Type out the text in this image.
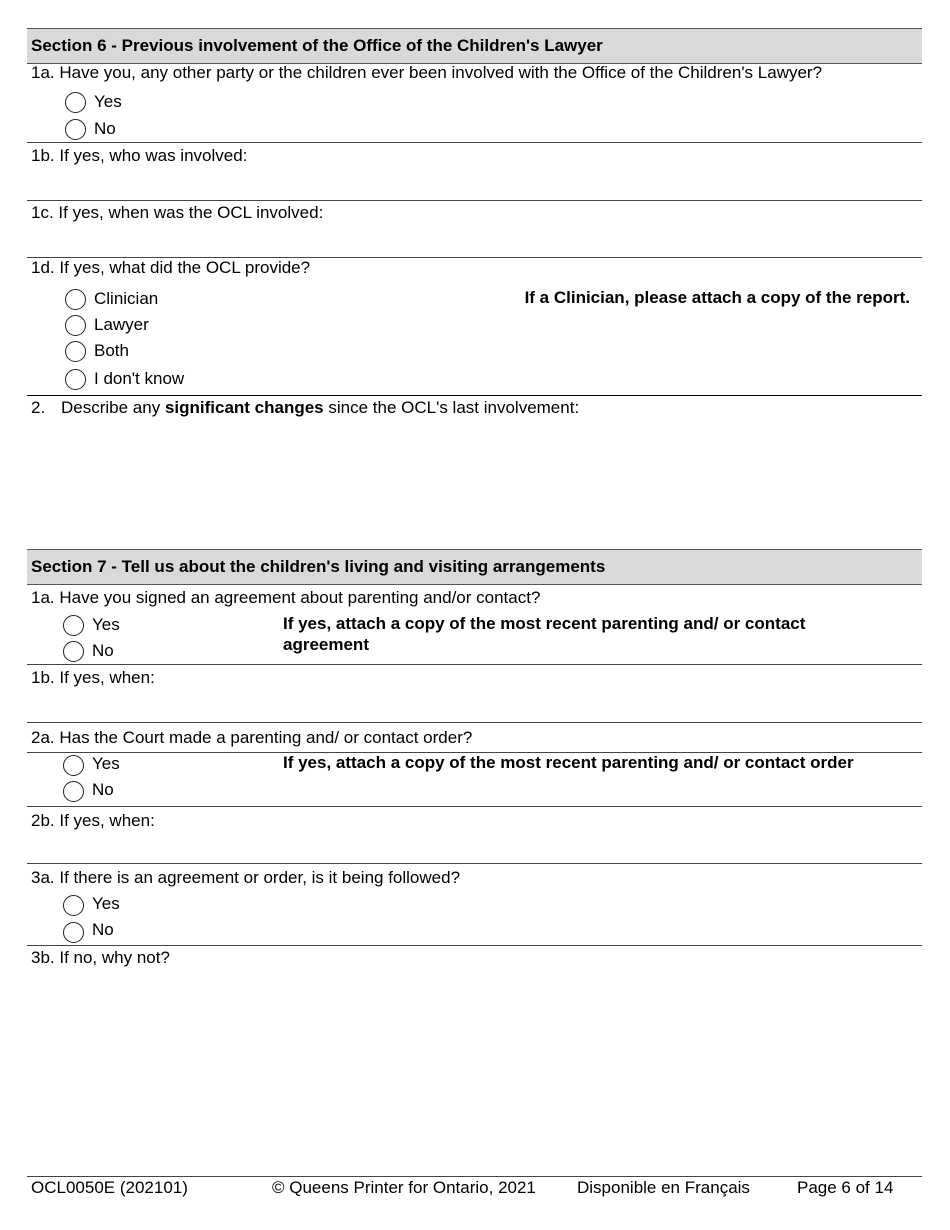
Section 6 - Previous involvement of the Office of the Children's Lawyer
1a. Have you, any other party or the children ever been involved with the Office of the Children's Lawyer?
Yes
No
1b. If yes, who was involved:
1c. If yes, when was the OCL involved:
1d. If yes, what did the OCL provide?
Clinician	If a Clinician, please attach a copy of the report.
Lawyer
Both
I don't know
2. Describe any significant changes since the OCL's last involvement:
Section 7 - Tell us about the children's living and visiting arrangements
1a. Have you signed an agreement about parenting and/or contact?
Yes
No
If yes, attach a copy of the most recent parenting and/ or contact agreement
1b. If yes, when:
2a. Has the Court made a parenting and/ or contact order?
Yes	If yes, attach a copy of the most recent parenting and/ or contact order
No
2b. If yes, when:
3a. If there is an agreement or order, is it being followed?
Yes
No
3b. If no, why not?
OCL0050E (202101)	© Queens Printer for Ontario, 2021 Disponible en Français	Page 6 of 14
